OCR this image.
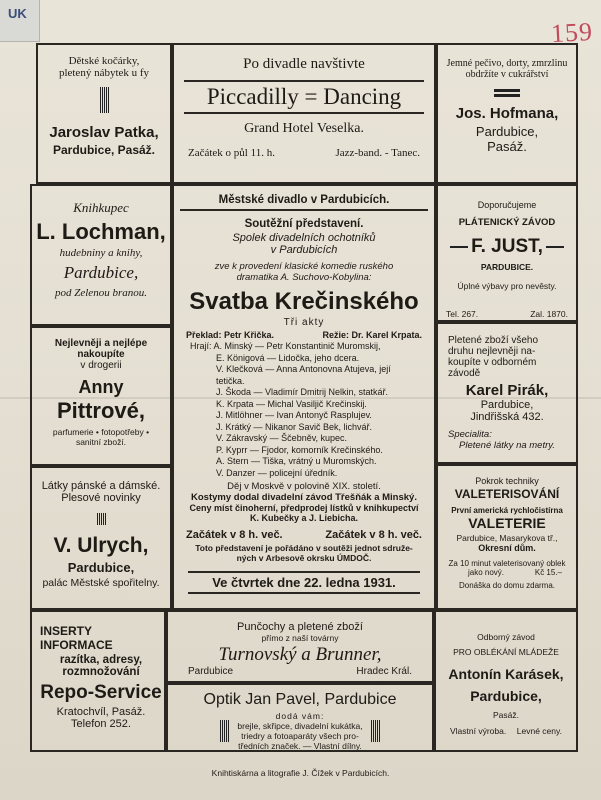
UK
159
Dětské kočárky,
pletený nábytek u fy
Jaroslav Patka,
Pardubice, Pasáž.
Po divadle navštivte
Piccadilly = Dancing
Grand Hotel Veselka.
Začátek o půl 11. h.	Jazz-band. - Tanec.
Jemné pečivo, dorty, zmrzlinu
obdržíte v cukrářství
Jos. Hofmana,
Pardubice,
Pasáž.
Knihkupec
L. Lochman,
hudebniny a knihy,
Pardubice,
pod Zelenou branou.
Nejlevněji a nejlépe
nakoupíte
v drogerii
Anny
Pittrové,
parfumerie • fotopotřeby •
sanitní zboží.
Látky pánské a dámské.
Plesové novinky
V. Ulrych,
Pardubice,
palác Městské spořitelny.
Městské divadlo v Pardubicích.
Soutěžní představení.
Spolek divadelních ochotníků
v Pardubicích
zve k provedení klasické komedie ruského
dramatika A. Suchovo-Kobylina:
Svatba Krečinského
Tři akty
Překlad: Petr Křička.	Režie: Dr. Karel Krpata.
Hrají: A. Minský — Petr Konstantinič Muromskij,
E. Königová — Lidočka, jeho dcera.
V. Klečková — Anna Antonovna Atujeva, její
tetička.
J. Škoda — Vladimír Dmitrij Nelkin, statkář.
K. Krpata — Michal Vasiljič Krečinskij.
J. Mitlöhner — Ivan Antonyč Rasplujev.
J. Krátký — Nikanor Savič Bek, lichvář.
V. Zákravský — Ščebněv, kupec.
P. Kyprr — Fjodor, komorník Krečinského.
A. Stern — Tiška, vrátný u Muromských.
V. Danzer — policejní úředník.
Děj v Moskvě v polovině XIX. století.
Kostymy dodal divadelní závod Třešňák a Minský.
Ceny míst činoherní, předprodej lístků v knihkupectví
K. Kubečky a J. Liebicha.
Začátek v 8 h. več.	Začátek v 8 h. več.
Toto představení je pořádáno v soutěži jednot sdruže-
ných v Arbesově okrsku ÚMDOČ.
Ve čtvrtek dne 22. ledna 1931.
Doporučujeme
PLÁTENICKÝ ZÁVOD
F. JUST,
PARDUBICE.
Úplné výbavy pro nevěsty.
Tel. 267.	Zal. 1870.
Pletené zboží všeho
druhu nejlevněji na-
koupíte v odborném
závodě
Karel Pirák,
Pardubice,
Jindřišská 432.
Specialita:
Pletené látky na metry.
Pokrok techniky
VALETERISOVÁNÍ
První americká rychločistírna
VALETERIE
Pardubice, Masarykova tř.,
Okresní dům.
Za 10 minut valeterisovaný oblek
jako nový.	Kč 15.–
Donáška do domu zdarma.
INSERTY
INFORMACE
razítka, adresy,
rozmnožování
Repo-Service
Kratochvíl, Pasáž.
Telefon 252.
Punčochy a pletené zboží
přímo z naší továrny
Turnovský a Brunner,
Pardubice	Hradec Král.
Optik Jan Pavel, Pardubice
dodá vám:
brejle, skřipce, divadelní kukátka,
triedry a fotoaparáty všech pro-
tředních značek. — Vlastní dílny.
Odborný závod
PRO OBLÉKÁNÍ MLÁDEŽE
Antonín Karásek,
Pardubice,
Pasáž.
Vlastní výroba. Levné ceny.
Knihtiskárna a litografie J. Čížek v Pardubicích.
